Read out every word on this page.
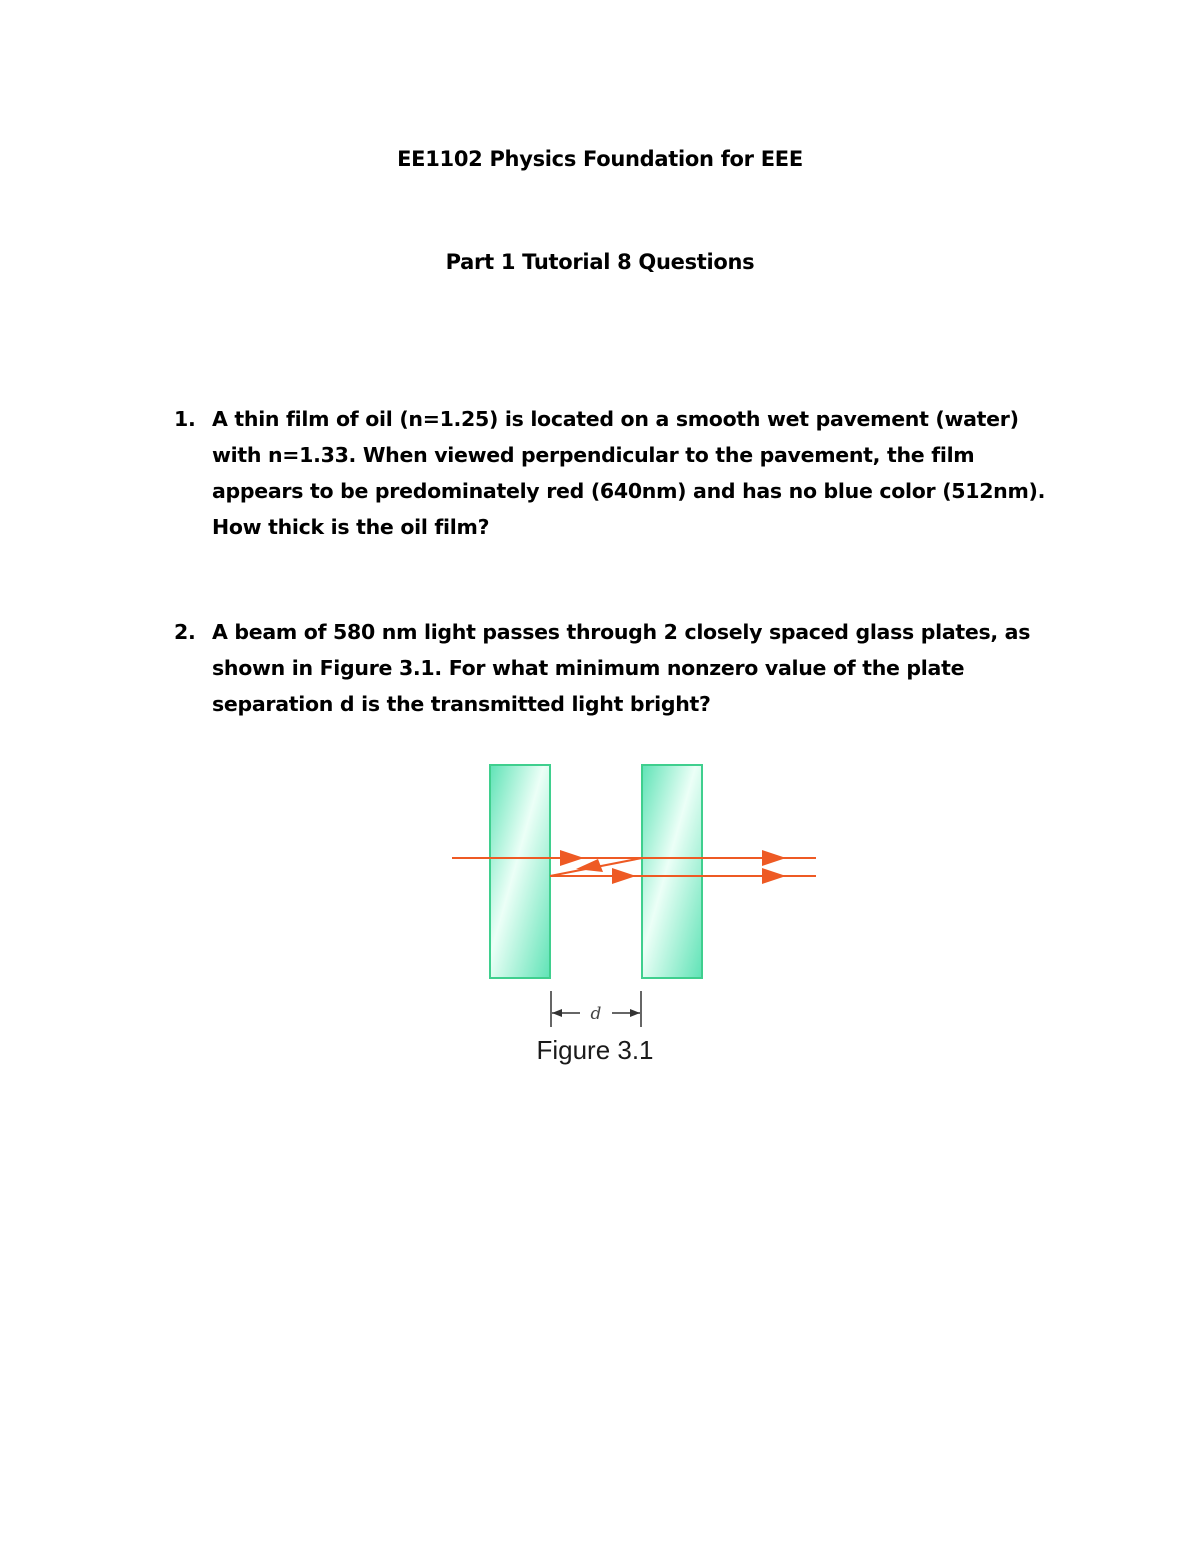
EE1102 Physics Foundation for EEE
Part 1 Tutorial 8 Questions
1. A thin film of oil (n=1.25) is located on a smooth wet pavement (water)
with n=1.33. When viewed perpendicular to the pavement, the film
appears to be predominately red (640nm) and has no blue color (512nm).
How thick is the oil film?
2. A beam of 580 nm light passes through 2 closely spaced glass plates, as
shown in Figure 3.1. For what minimum nonzero value of the plate
separation d is the transmitted light bright?
d
Figure 3.1
